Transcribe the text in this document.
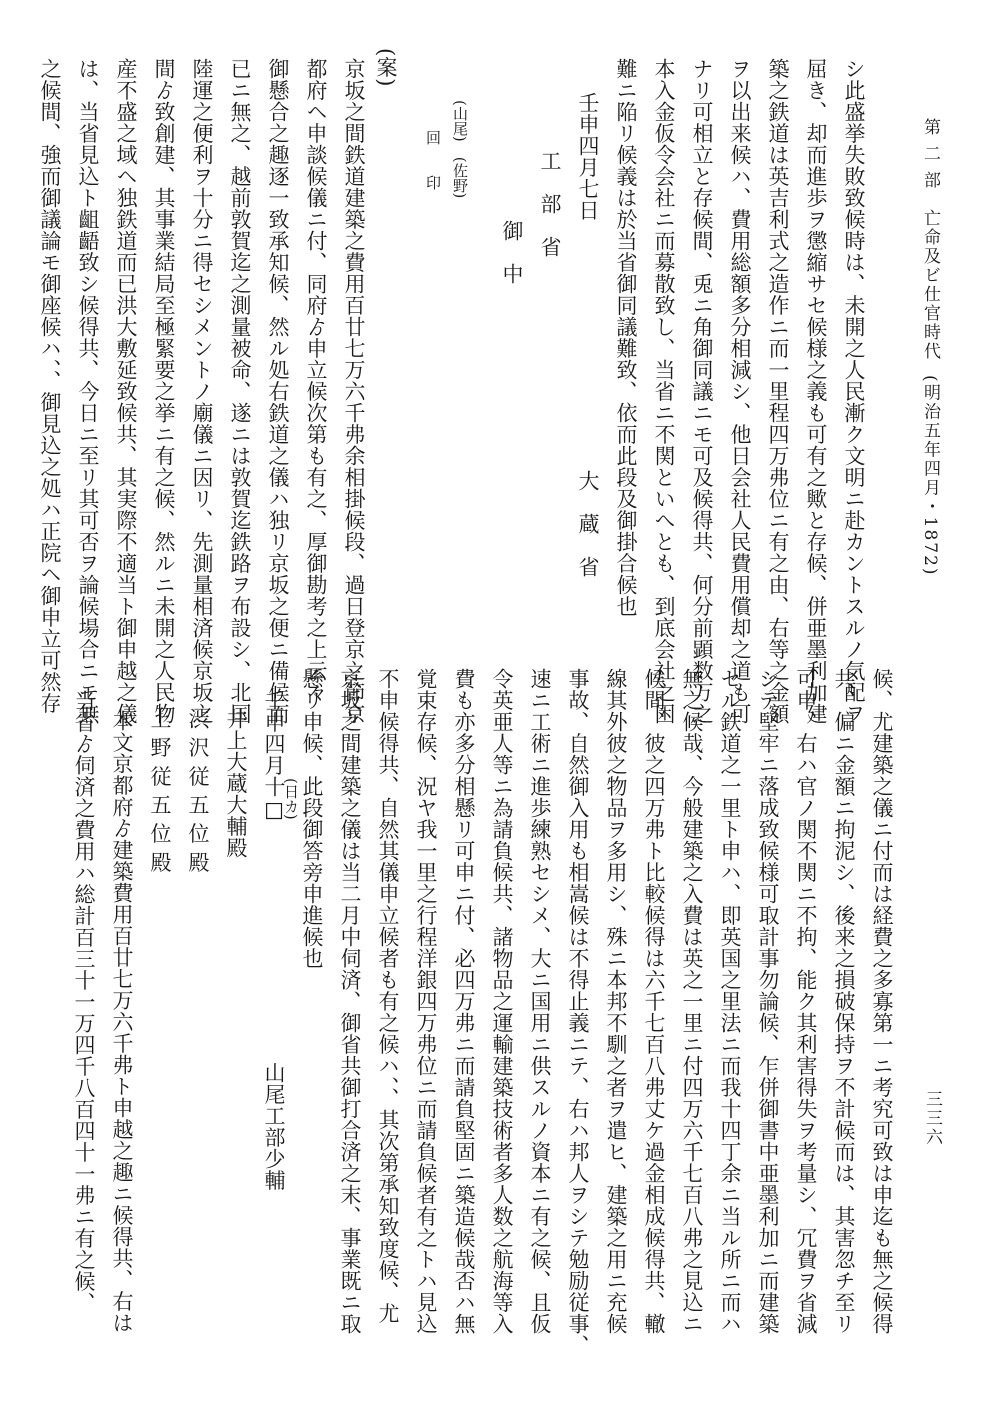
第 二 部　亡命及ビ仕官時代(明治五年四月・1872)
三三六
シ此盛挙失敗致候時は、未開之人民漸ク文明ニ赴カントスルノ気配ヲ
屈き、却而進歩ヲ懲縮サセ候様之義も可有之歟と存候、併亜墨利加建
築之鉄道は英吉利式之造作ニ而一里程四万弗位ニ有之由、右等之金額
ヲ以出来候ハ、費用総額多分相減シ、他日会社人民費用償却之道も可
ナリ可相立と存候間、兎ニ角御同議ニモ可及候得共、何分前顕数万之
本入金仮令会社ニ而募散致し、当省ニ不関といへとも、到底会社之困
難ニ陥リ候義は於当省御同議難致、依而此段及御掛合候也
壬申四月七日
大　蔵　省
工　部　省
御　中
(山尾)　(佐野)
回　　印
(案)
京坂之間鉄道建築之費用百廿七万六千弗余相掛候段、過日登京之節京
都府ヘ申談候儀ニ付、同府ゟ申立候次第も有之、厚御勘考之上云々
御懸合之趣逐一致承知候、然ル処右鉄道之儀ハ独リ京坂之便ニ備候而
已ニ無之、越前敦賀迄之測量被命、遂ニは敦賀迄鉄路ヲ布設シ、北国
陸運之便利ヲ十分ニ得セシメントノ廟儀ニ因リ、先測量相済候京坂之
間ゟ致創建、其事業結局至極緊要之挙ニ有之候、然ルニ未開之人民物
産不盛之域ヘ独鉄道而已洪大敷延致候共、其実際不適当ト御申越之儀
は、当省見込ト齟齬致シ候得共、今日ニ至リ其可否ヲ論候場合ニモ無
之候間、強而御議論モ御座候ハ、、御見込之処ハ正院ヘ御申立可然存
候、尤建築之儀ニ付而は経費之多寡第一ニ考究可致は申迄も無之候得
共、偏ニ金額ニ拘泥シ、後来之損破保持ヲ不計候而は、其害忽チ至リ
可申、右ハ官ノ関不関ニ不拘、能ク其利害得失ヲ考量シ、冗費ヲ省減
シテ堅牢ニ落成致候様可取計事勿論候、乍併御書中亜墨利加ニ而建築
セル鉄道之一里ト申ハ、即英国之里法ニ而我十四丁余ニ当ル所ニ而ハ
無之候哉、今般建築之入費は英之一里ニ付四万六千七百八弗之見込ニ
候間、彼之四万弗ト比較候得は六千七百八弗丈ケ過金相成候得共、轍
線其外彼之物品ヲ多用シ、殊ニ本邦不馴之者ヲ遣ヒ、建築之用ニ充候
事故、自然御入用も相嵩候は不得止義ニテ、右ハ邦人ヲシテ勉励従事、
速ニ工術ニ進歩練熟セシメ、大ニ国用ニ供スルノ資本ニ有之候、且仮
令英亜人等ニ為請負候共、諸物品之運輸建築技術者多人数之航海等入
費も亦多分相懸リ可申ニ付、必四万弗ニ而請負堅固ニ築造候哉否ハ無
覚束存候、況ヤ我一里之行程洋銀四万弗位ニ而請負候者有之トハ見込
不申候得共、自然其儀申立候者も有之候ハ、、其次第承知致度候、尤
京坂之間建築之儀は当二月中伺済、御省共御打合済之末、事業既ニ取
懸リ申候、此段御答旁申進候也
(日カ)
壬申四月十□
山尾工部少輔
井上大蔵大輔殿
渋 沢 従 五 位 殿
上 野 従 五 位 殿
本文京都府ゟ建築費用百廿七万六千弗ト申越之趣ニ候得共、右は
当省ゟ伺済之費用ハ総計百三十一万四千八百四十一弗ニ有之候、
